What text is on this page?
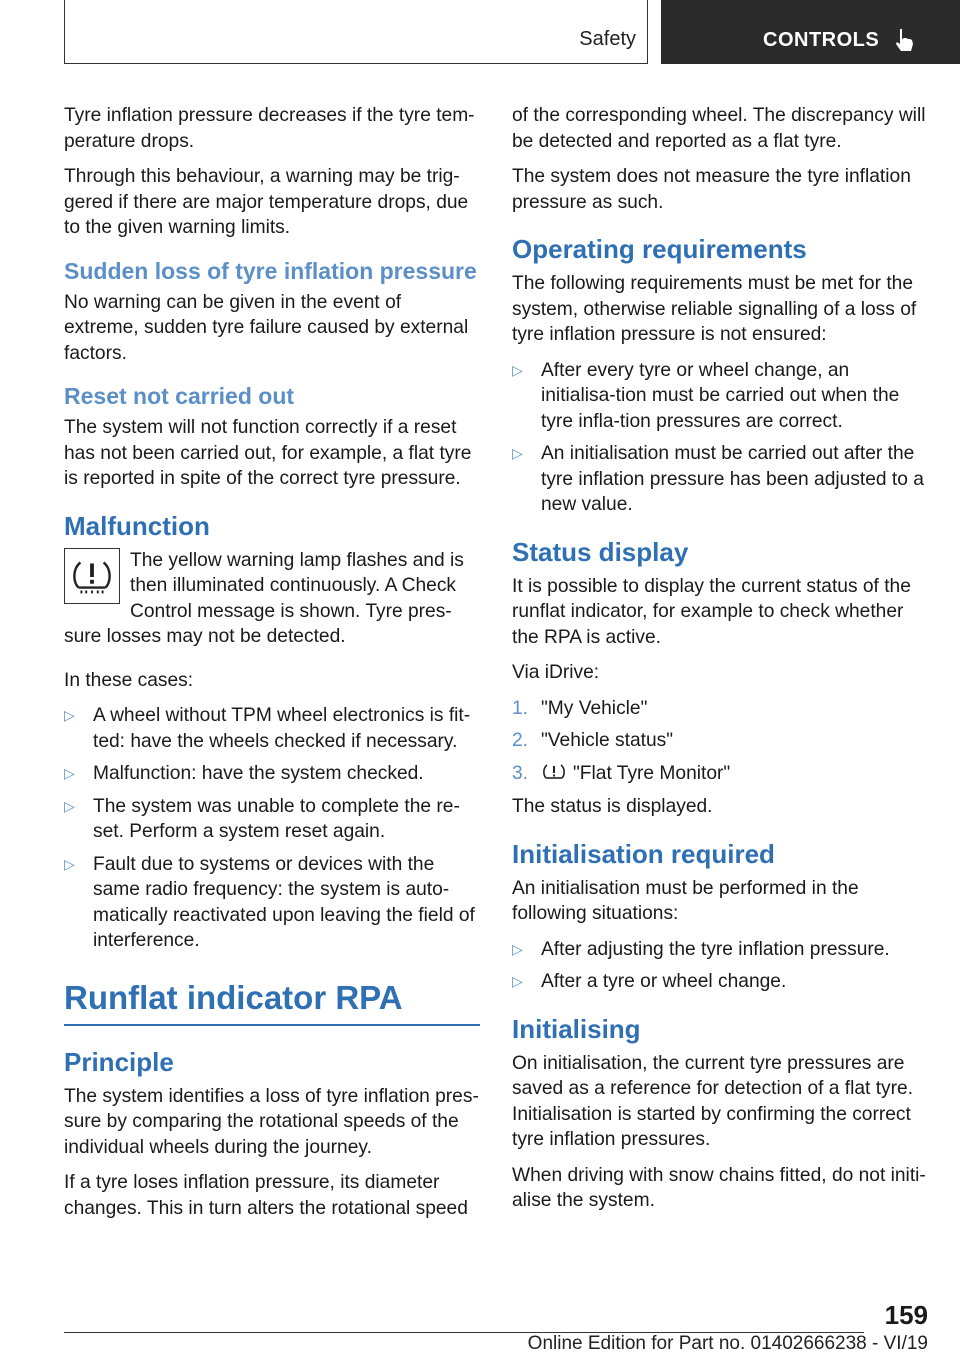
Safety	CONTROLS

Tyre inflation pressure decreases if the tyre tem-perature drops.

Through this behaviour, a warning may be trig-gered if there are major temperature drops, due to the given warning limits.

Sudden loss of tyre inflation pressure

No warning can be given in the event of extreme, sudden tyre failure caused by external factors.

Reset not carried out

The system will not function correctly if a reset has not been carried out, for example, a flat tyre is reported in spite of the correct tyre pressure.

Malfunction

The yellow warning lamp flashes and is then illuminated continuously. A Check Control message is shown. Tyre pres-sure losses may not be detected.

In these cases:

▷ A wheel without TPM wheel electronics is fit-ted: have the wheels checked if necessary.
▷ Malfunction: have the system checked.
▷ The system was unable to complete the re-set. Perform a system reset again.
▷ Fault due to systems or devices with the same radio frequency: the system is auto-matically reactivated upon leaving the field of interference.
Runflat indicator RPA
Principle

The system identifies a loss of tyre inflation pres-sure by comparing the rotational speeds of the individual wheels during the journey.

If a tyre loses inflation pressure, its diameter changes. This in turn alters the rotational speed

of the corresponding wheel. The discrepancy will be detected and reported as a flat tyre.

The system does not measure the tyre inflation pressure as such.

Operating requirements

The following requirements must be met for the system, otherwise reliable signalling of a loss of tyre inflation pressure is not ensured:

▷ After every tyre or wheel change, an initialisa-tion must be carried out when the tyre infla-tion pressures are correct.
▷ An initialisation must be carried out after the tyre inflation pressure has been adjusted to a new value.
Status display

It is possible to display the current status of the runflat indicator, for example to check whether the RPA is active.

Via iDrive:

1. "My Vehicle"
2. "Vehicle status"
3. "Flat Tyre Monitor"

The status is displayed.

Initialisation required

An initialisation must be performed in the following situations:

▷ After adjusting the tyre inflation pressure.
▷ After a tyre or wheel change.
Initialising

On initialisation, the current tyre pressures are saved as a reference for detection of a flat tyre. Initialisation is started by confirming the correct tyre inflation pressures.

When driving with snow chains fitted, do not initi-alise the system.

159
Online Edition for Part no. 01402666238 - VI/19
